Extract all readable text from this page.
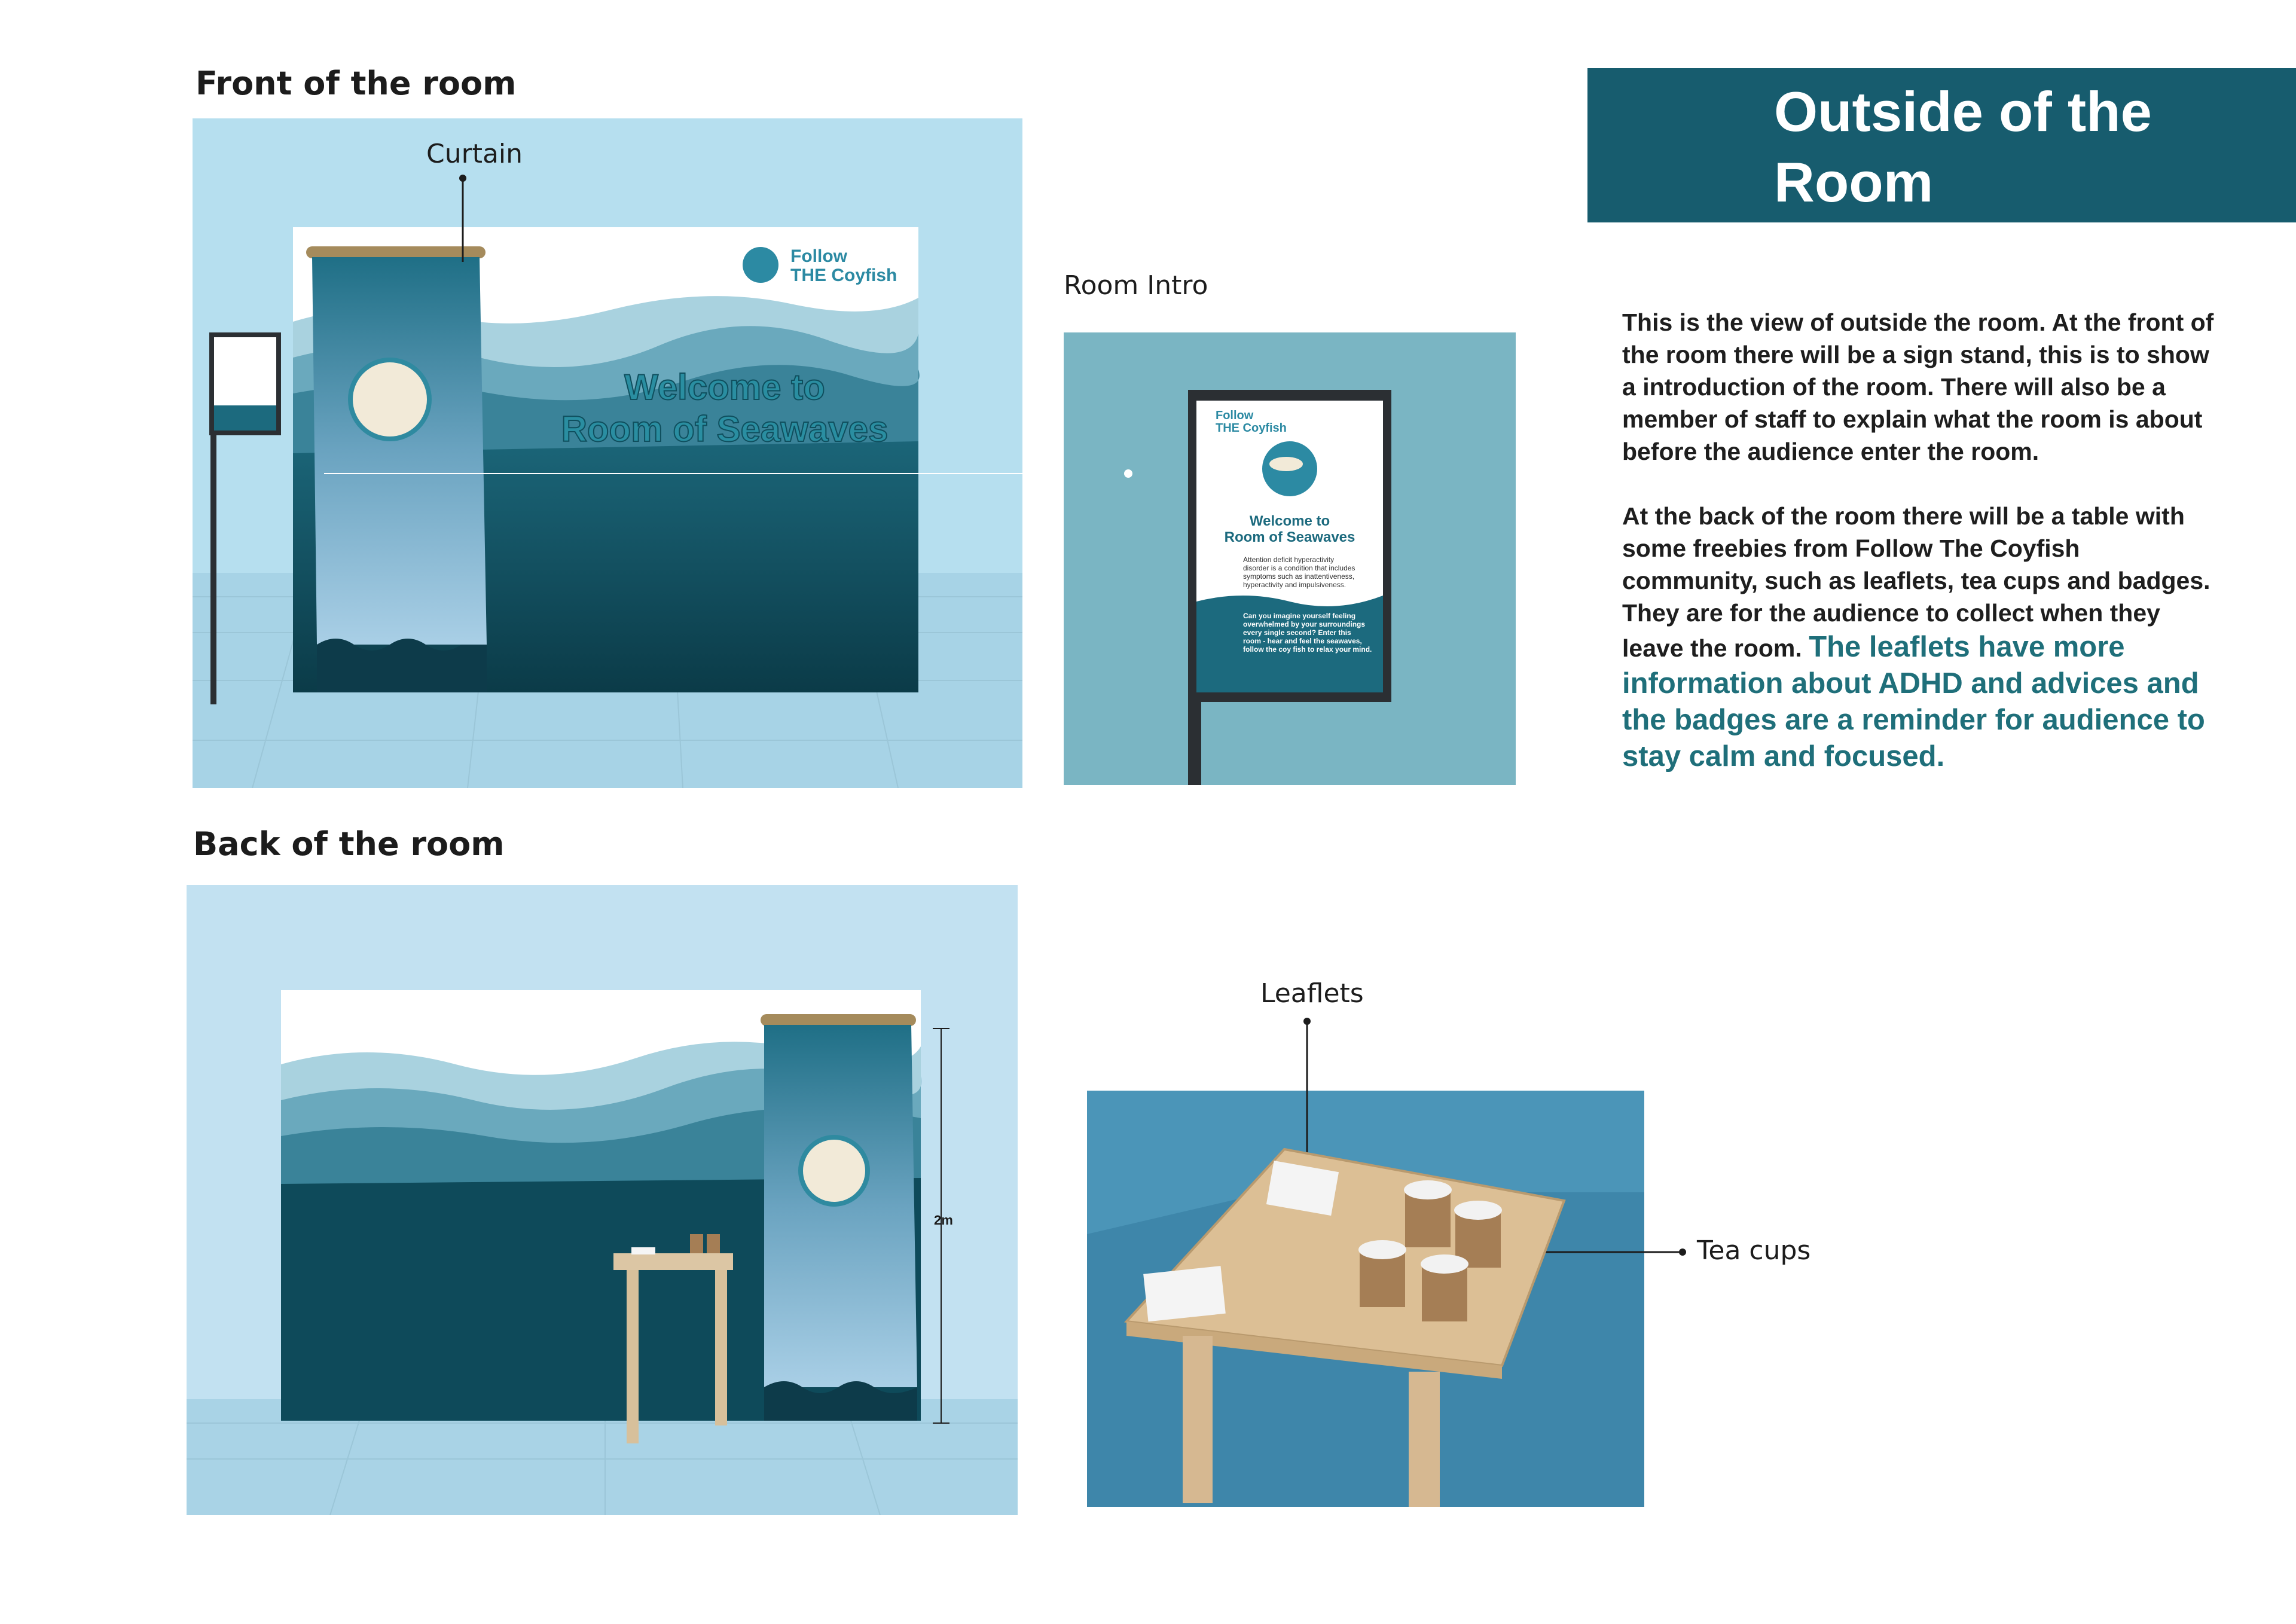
Front of the room
Back of the room
Outside of the
Room

This is the view of outside the room. At the front of the room there will be a sign stand, this is to show a introduction of the room. There will also be a member of staff to explain what the room is about before the audience enter the room.

At the back of the room there will be a table with some freebies from Follow The Coyfish community, such as leaflets, tea cups and badges. They are for the audience to collect when they leave the room. The leaflets have more information about ADHD and advices and the badges are a reminder for audience to stay calm and focused.

Follow
THE Coyfish
Welcome to
Room of Seawaves
Curtain
Room Intro
Follow
THE Coyfish
Welcome to
Room of Seawaves
Attention deficit hyperactivity
disorder is a condition that includes
symptoms such as inattentiveness,
hyperactivity and impulsiveness.
Can you imagine yourself feeling
overwhelmed by your surroundings
every single second? Enter this
room - hear and feel the seawaves,
follow the coy fish to relax your mind.
2m
Leaflets
Tea cups
